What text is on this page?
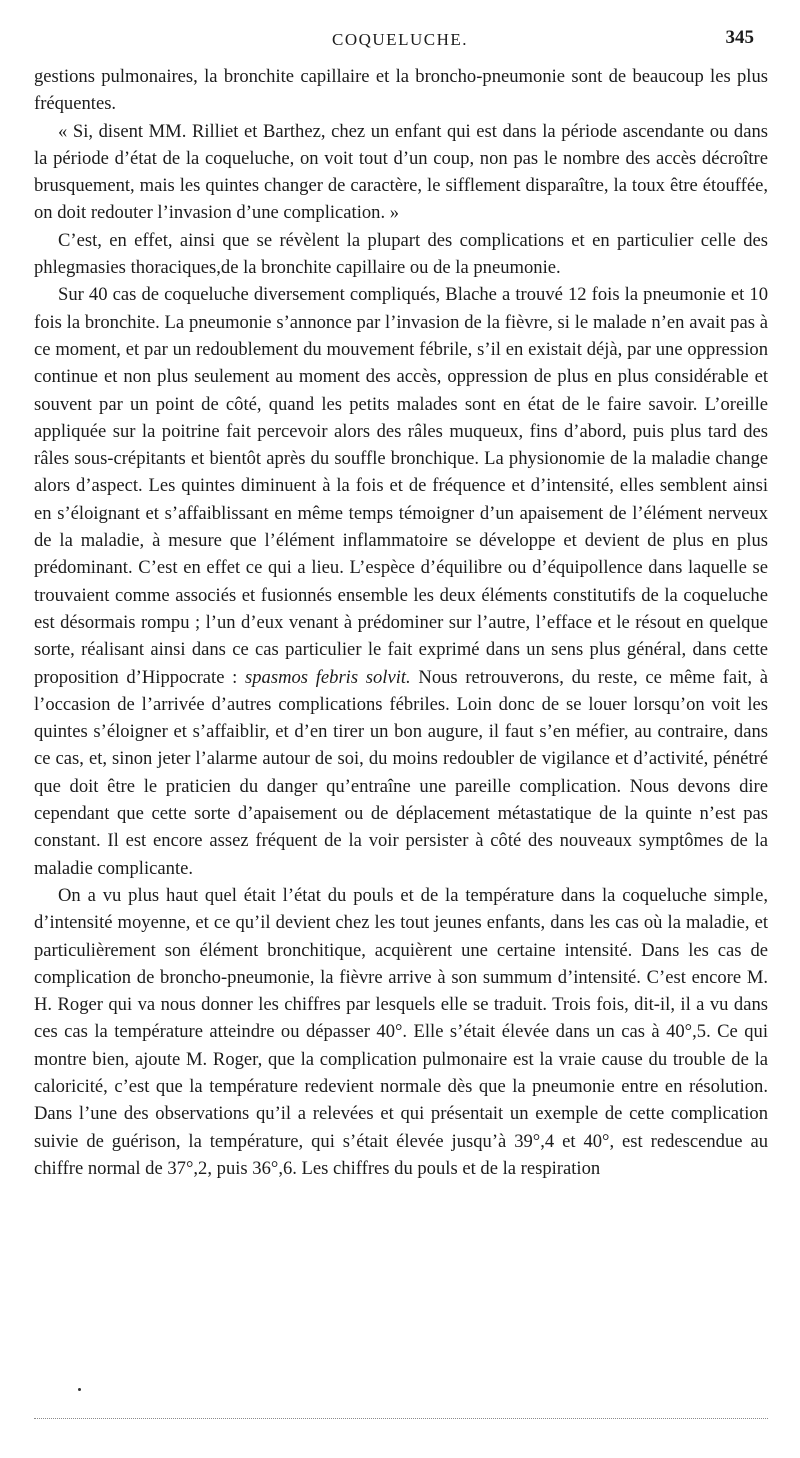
COQUELUCHE.	345

gestions pulmonaires, la bronchite capillaire et la broncho-pneumonie sont de beaucoup les plus fréquentes.

« Si, disent MM. Rilliet et Barthez, chez un enfant qui est dans la période ascendante ou dans la période d’état de la coqueluche, on voit tout d’un coup, non pas le nombre des accès décroître brusquement, mais les quintes changer de caractère, le sifflement disparaître, la toux être étouffée, on doit redouter l’invasion d’une complication. »

C’est, en effet, ainsi que se révèlent la plupart des complications et en particulier celle des phlegmasies thoraciques,de la bronchite capillaire ou de la pneumonie.

Sur 40 cas de coqueluche diversement compliqués, Blache a trouvé 12 fois la pneumonie et 10 fois la bronchite. La pneumonie s’annonce par l’invasion de la fièvre, si le malade n’en avait pas à ce moment, et par un redoublement du mouvement fébrile, s’il en existait déjà, par une oppression continue et non plus seulement au moment des accès, oppression de plus en plus considérable et souvent par un point de côté, quand les petits malades sont en état de le faire savoir. L’oreille appliquée sur la poitrine fait percevoir alors des râles muqueux, fins d’abord, puis plus tard des râles sous-crépitants et bientôt après du souffle bronchique. La physionomie de la maladie change alors d’aspect. Les quintes diminuent à la fois et de fréquence et d’intensité, elles semblent ainsi en s’éloignant et s’affaiblissant en même temps témoigner d’un apaisement de l’élément nerveux de la maladie, à mesure que l’élément inflammatoire se développe et devient de plus en plus prédominant. C’est en effet ce qui a lieu. L’espèce d’équilibre ou d’équipollence dans laquelle se trouvaient comme associés et fusionnés ensemble les deux éléments constitutifs de la coqueluche est désormais rompu ; l’un d’eux venant à prédominer sur l’autre, l’efface et le résout en quelque sorte, réalisant ainsi dans ce cas particulier le fait exprimé dans un sens plus général, dans cette proposition d’Hippocrate : spasmos febris solvit. Nous retrouverons, du reste, ce même fait, à l’occasion de l’arrivée d’autres complications fébriles. Loin donc de se louer lorsqu’on voit les quintes s’éloigner et s’affaiblir, et d’en tirer un bon augure, il faut s’en méfier, au contraire, dans ce cas, et, sinon jeter l’alarme autour de soi, du moins redoubler de vigilance et d’activité, pénétré que doit être le praticien du danger qu’entraîne une pareille complication. Nous devons dire cependant que cette sorte d’apaisement ou de déplacement métastatique de la quinte n’est pas constant. Il est encore assez fréquent de la voir persister à côté des nouveaux symptômes de la maladie complicante.

On a vu plus haut quel était l’état du pouls et de la température dans la coqueluche simple, d’intensité moyenne, et ce qu’il devient chez les tout jeunes enfants, dans les cas où la maladie, et particulièrement son élément bronchitique, acquièrent une certaine intensité. Dans les cas de complication de broncho-pneumonie, la fièvre arrive à son summum d’intensité. C’est encore M. H. Roger qui va nous donner les chiffres par lesquels elle se traduit. Trois fois, dit-il, il a vu dans ces cas la température atteindre ou dépasser 40°. Elle s’était élevée dans un cas à 40°,5. Ce qui montre bien, ajoute M. Roger, que la complication pulmonaire est la vraie cause du trouble de la caloricité, c’est que la température redevient normale dès que la pneumonie entre en résolution. Dans l’une des observations qu’il a relevées et qui présentait un exemple de cette complication suivie de guérison, la température, qui s’était élevée jusqu’à 39°,4 et 40°, est redescendue au chiffre normal de 37°,2, puis 36°,6. Les chiffres du pouls et de la respiration
